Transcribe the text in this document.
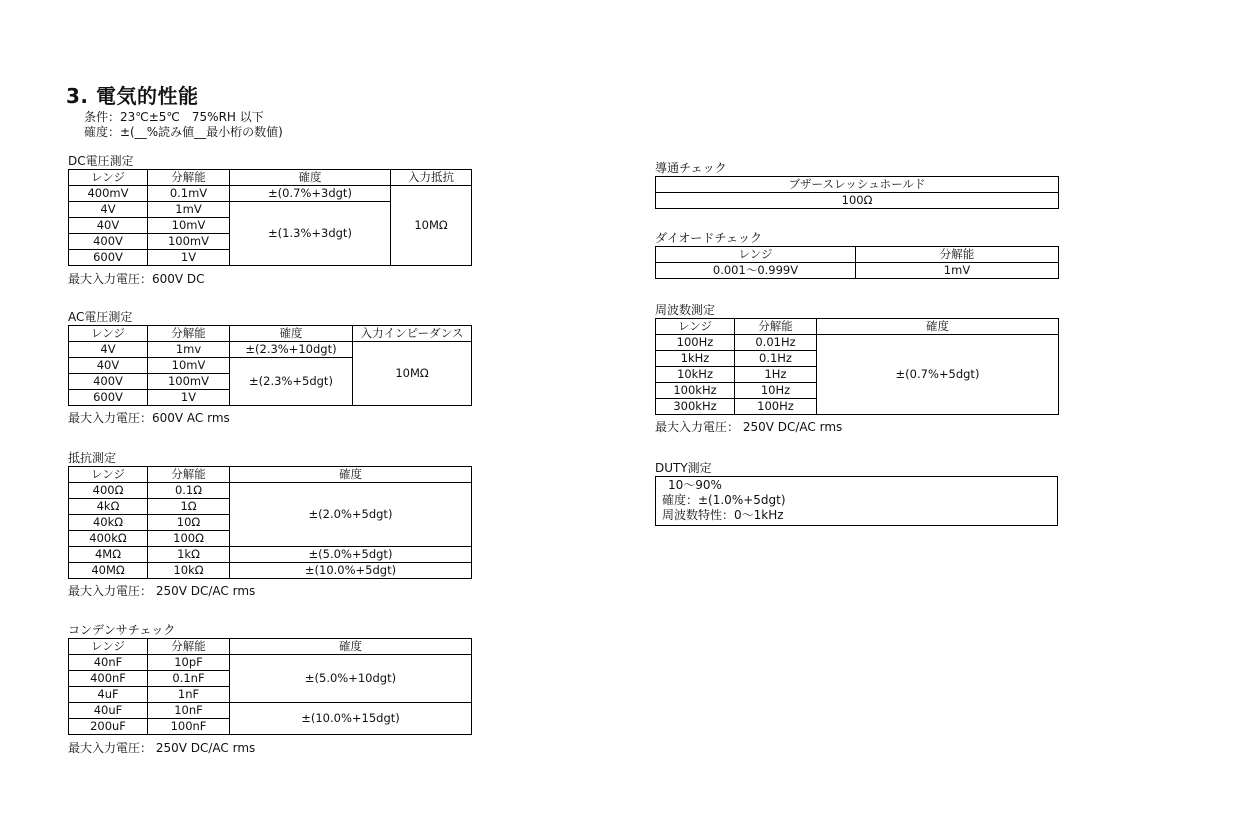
3. 電気的性能
条件：23℃±5℃　75%RH 以下
確度：±(__%読み値__最小桁の数値)
DC電圧測定
レンジ	分解能	確度	入力抵抗
400mV	0.1mV	±(0.7%+3dgt)	10MΩ
4V	1mV	±(1.3%+3dgt)	
40V	10mV		
400V	100mV		
600V	1V		
最大入力電圧：600V DC
AC電圧測定
レンジ	分解能	確度	入力インピーダンス
4V	1mv	±(2.3%+10dgt)	10MΩ
40V	10mV	±(2.3%+5dgt)	
400V	100mV		
600V	1V		
最大入力電圧：600V AC rms
抵抗測定
レンジ	分解能	確度
400Ω	0.1Ω	±(2.0%+5dgt)
4kΩ	1Ω	
40kΩ	10Ω	
400kΩ	100Ω	
4MΩ	1kΩ	±(5.0%+5dgt)
40MΩ	10kΩ	±(10.0%+5dgt)
最大入力電圧： 250V DC/AC rms
コンデンサチェック
レンジ	分解能	確度
40nF	10pF	±(5.0%+10dgt)
400nF	0.1nF	
4uF	1nF	
40uF	10nF	±(10.0%+15dgt)
200uF	100nF	
最大入力電圧： 250V DC/AC rms
導通チェック
ブザースレッシュホールド
100Ω
ダイオードチェック
レンジ	分解能
0.001～0.999V	1mV
周波数測定
レンジ	分解能	確度
100Hz	0.01Hz	±(0.7%+5dgt)
1kHz	0.1Hz	
10kHz	1Hz	
100kHz	10Hz	
300kHz	100Hz	
最大入力電圧： 250V DC/AC rms
DUTY測定
10～90%
確度：±(1.0%+5dgt)
周波数特性：0～1kHz
